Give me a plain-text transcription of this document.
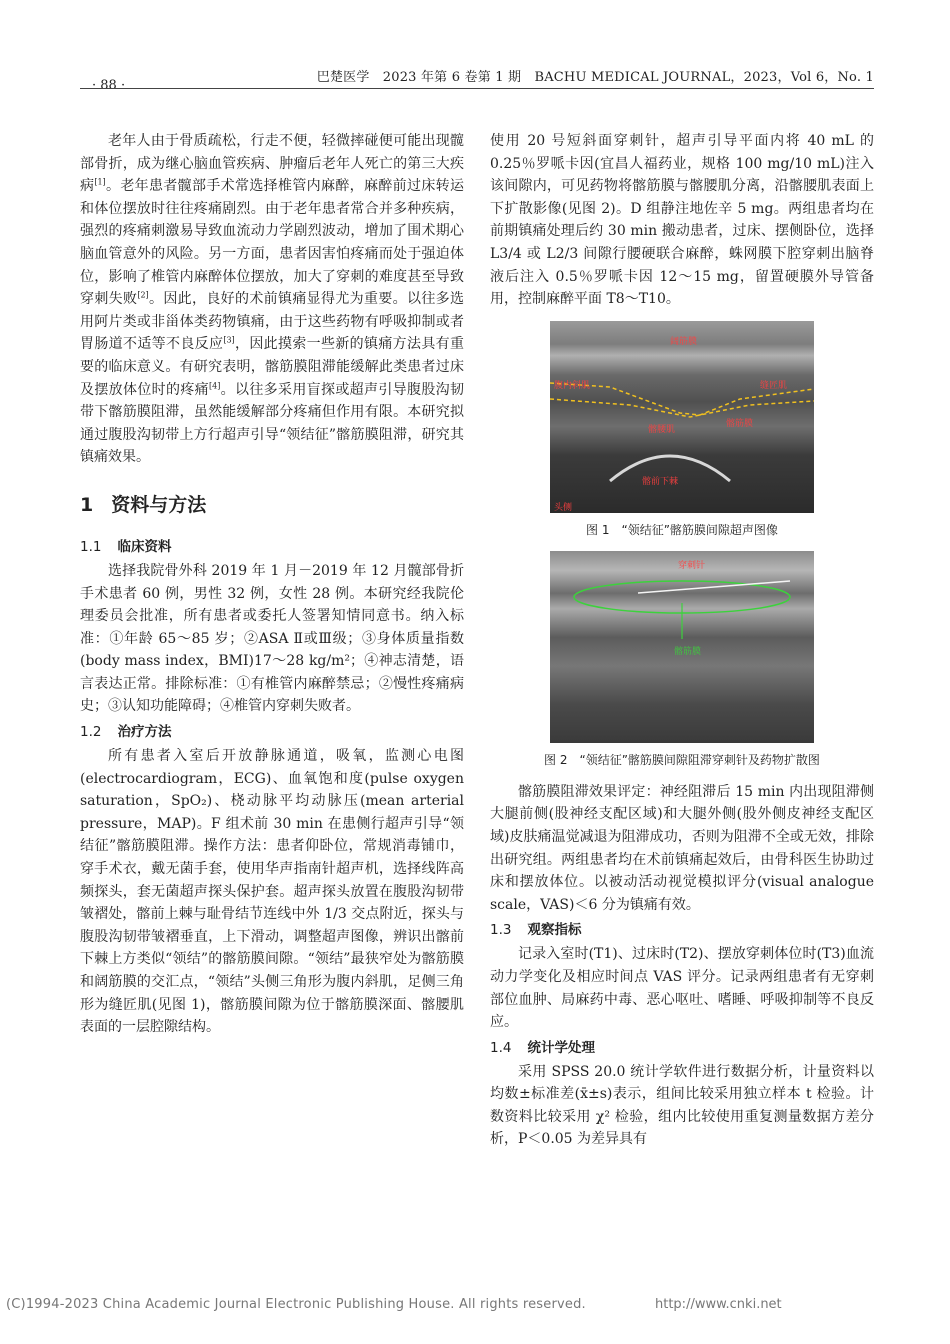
· 88 ·
巴楚医学　2023 年第 6 卷第 1 期　BACHU MEDICAL JOURNAL，2023，Vol 6，No. 1

老年人由于骨质疏松，行走不便，轻微摔碰便可能出现髋部骨折，成为继心脑血管疾病、肿瘤后老年人死亡的第三大疾病[1]。老年患者髋部手术常选择椎管内麻醉，麻醉前过床转运和体位摆放时往往疼痛剧烈。由于老年患者常合并多种疾病，强烈的疼痛刺激易导致血流动力学剧烈波动，增加了围术期心脑血管意外的风险。另一方面，患者因害怕疼痛而处于强迫体位，影响了椎管内麻醉体位摆放，加大了穿刺的难度甚至导致穿刺失败[2]。因此，良好的术前镇痛显得尤为重要。以往多选用阿片类或非甾体类药物镇痛，由于这些药物有呼吸抑制或者胃肠道不适等不良反应[3]，因此摸索一些新的镇痛方法具有重要的临床意义。有研究表明，髂筋膜阻滞能缓解此类患者过床及摆放体位时的疼痛[4]。以往多采用盲探或超声引导腹股沟韧带下髂筋膜阻滞，虽然能缓解部分疼痛但作用有限。本研究拟通过腹股沟韧带上方行超声引导“领结征”髂筋膜阻滞，研究其镇痛效果。

1 资料与方法
1.1 临床资料

选择我院骨外科 2019 年 1 月－2019 年 12 月髋部骨折手术患者 60 例，男性 32 例，女性 28 例。本研究经我院伦理委员会批准，所有患者或委托人签署知情同意书。纳入标准：①年龄 65～85 岁；②ASA Ⅱ或Ⅲ级；③身体质量指数(body mass index，BMI)17～28 kg/m²；④神志清楚，语言表达正常。排除标准：①有椎管内麻醉禁忌；②慢性疼痛病史；③认知功能障碍；④椎管内穿刺失败者。

1.2 治疗方法

所有患者入室后开放静脉通道，吸氧，监测心电图(electrocardiogram，ECG)、血氧饱和度(pulse oxygen saturation，SpO₂)、桡动脉平均动脉压(mean arterial pressure，MAP)。F 组术前 30 min 在患侧行超声引导“领结征”髂筋膜阻滞。操作方法：患者仰卧位，常规消毒铺巾，穿手术衣，戴无菌手套，使用华声指南针超声机，选择线阵高频探头，套无菌超声探头保护套。超声探头放置在腹股沟韧带皱褶处，髂前上棘与耻骨结节连线中外 1/3 交点附近，探头与腹股沟韧带皱褶垂直，上下滑动，调整超声图像，辨识出髂前下棘上方类似“领结”的髂筋膜间隙。“领结”最狭窄处为髂筋膜和阔筋膜的交汇点，“领结”头侧三角形为腹内斜肌，足侧三角形为缝匠肌(见图 1)，髂筋膜间隙为位于髂筋膜深面、髂腰肌表面的一层腔隙结构。

使用 20 号短斜面穿刺针，超声引导平面内将 40 mL 的 0.25％罗哌卡因(宜昌人福药业，规格 100 mg/10 mL)注入该间隙内，可见药物将髂筋膜与髂腰肌分离，沿髂腰肌表面上下扩散影像(见图 2)。D 组静注地佐辛 5 mg。两组患者均在前期镇痛处理后约 30 min 搬动患者，过床、摆侧卧位，选择 L3/4 或 L2/3 间隙行腰硬联合麻醉，蛛网膜下腔穿刺出脑脊液后注入 0.5％罗哌卡因 12～15 mg，留置硬膜外导管备用，控制麻醉平面 T8～T10。

阔筋膜
腹内斜肌	缝匠肌
髂筋膜
髂腰肌
髂前下棘
头侧
图 1　“领结征”髂筋膜间隙超声图像
穿刺针
髂筋膜
图 2　“领结征”髂筋膜间隙阻滞穿刺针及药物扩散图

髂筋膜阻滞效果评定：神经阻滞后 15 min 内出现阻滞侧大腿前侧(股神经支配区域)和大腿外侧(股外侧皮神经支配区域)皮肤痛温觉减退为阻滞成功，否则为阻滞不全或无效，排除出研究组。两组患者均在术前镇痛起效后，由骨科医生协助过床和摆放体位。以被动活动视觉模拟评分(visual analogue scale，VAS)＜6 分为镇痛有效。

1.3 观察指标

记录入室时(T1)、过床时(T2)、摆放穿刺体位时(T3)血流动力学变化及相应时间点 VAS 评分。记录两组患者有无穿刺部位血肿、局麻药中毒、恶心呕吐、嗜睡、呼吸抑制等不良反应。

1.4 统计学处理

采用 SPSS 20.0 统计学软件进行数据分析，计量资料以均数±标准差(x̄±s)表示，组间比较采用独立样本 t 检验。计数资料比较采用 χ² 检验，组内比较使用重复测量数据方差分析，P＜0.05 为差异具有

(C)1994-2023 China Academic Journal Electronic Publishing House. All rights reserved.	http://www.cnki.net
